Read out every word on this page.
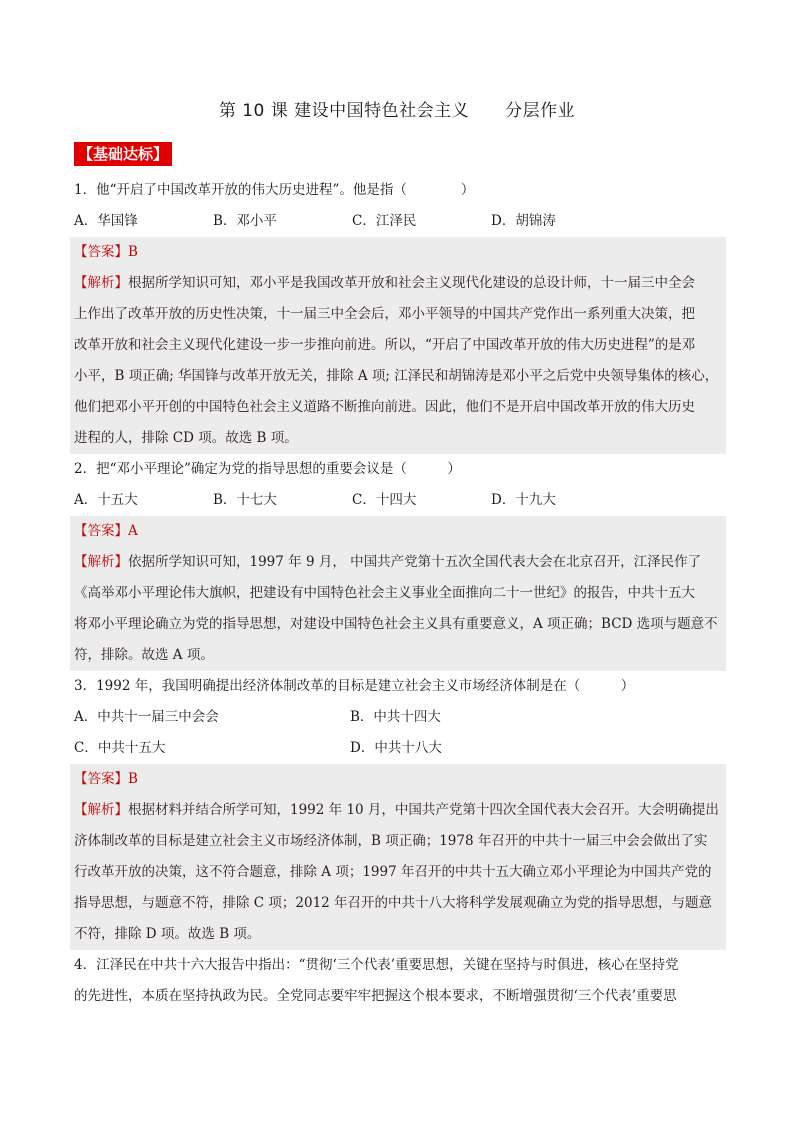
第 10 课 建设中国特色社会主义 分层作业
【基础达标】
1．他“开启了中国改革开放的伟大历史进程”。他是指（　　　　）
A．华国锋	B．邓小平	C．江泽民	D．胡锦涛
【答案】B
【解析】根据所学知识可知，邓小平是我国改革开放和社会主义现代化建设的总设计师，十一届三中全会
上作出了改革开放的历史性决策，十一届三中全会后，邓小平领导的中国共产党作出一系列重大决策，把
改革开放和社会主义现代化建设一步一步推向前进。所以，“开启了中国改革开放的伟大历史进程”的是邓
小平，B 项正确; 华国锋与改革开放无关，排除 A 项; 江泽民和胡锦涛是邓小平之后党中央领导集体的核心，
他们把邓小平开创的中国特色社会主义道路不断推向前进。因此，他们不是开启中国改革开放的伟大历史
进程的人，排除 CD 项。故选 B 项。
2．把“邓小平理论”确定为党的指导思想的重要会议是（　　　）
A．十五大	B．十七大	C．十四大	D．十九大
【答案】A
【解析】依据所学知识可知，1997 年 9 月， 中国共产党第十五次全国代表大会在北京召开，江泽民作了
《高举邓小平理论伟大旗帜，把建设有中国特色社会主义事业全面推向二十一世纪》的报告，中共十五大
将邓小平理论确立为党的指导思想，对建设中国特色社会主义具有重要意义，A 项正确；BCD 选项与题意不
符，排除。故选 A 项。
3．1992 年，我国明确提出经济体制改革的目标是建立社会主义市场经济体制是在（　　　）
A．中共十一届三中会会	B．中共十四大
C．中共十五大	D．中共十八大
【答案】B
【解析】根据材料并结合所学可知，1992 年 10 月，中国共产党第十四次全国代表大会召开。大会明确提出
济体制改革的目标是建立社会主义市场经济体制，B 项正确；1978 年召开的中共十一届三中会会做出了实
行改革开放的决策，这不符合题意，排除 A 项；1997 年召开的中共十五大确立邓小平理论为中国共产党的
指导思想，与题意不符，排除 C 项；2012 年召开的中共十八大将科学发展观确立为党的指导思想，与题意
不符，排除 D 项。故选 B 项。
4．江泽民在中共十六大报告中指出：“贯彻‘三个代表’重要思想，关键在坚持与时俱进，核心在坚持党
的先进性，本质在坚持执政为民。全党同志要牢牢把握这个根本要求，不断增强贯彻‘三个代表’重要思
